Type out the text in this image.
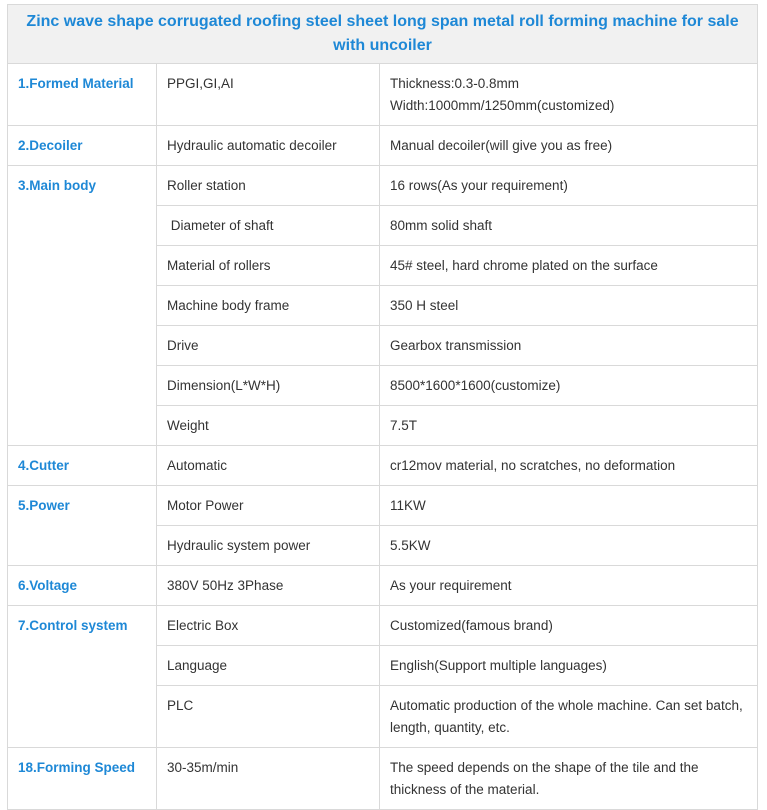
Zinc wave shape corrugated roofing steel sheet long span metal roll forming machine for sale with uncoiler		
1.Formed Material	PPGI,GI,AI	Thickness:0.3-0.8mm
Width:1000mm/1250mm(customized)
2.Decoiler	Hydraulic automatic decoiler	Manual decoiler(will give you as free)
3.Main body	Roller station	16 rows(As your requirement)
	Diameter of shaft	80mm solid shaft
	Material of rollers	45# steel, hard chrome plated on the surface
	Machine body frame	350 H steel
	Drive	Gearbox transmission
	Dimension(L*W*H)	8500*1600*1600(customize)
	Weight	7.5T
4.Cutter	Automatic	cr12mov material, no scratches, no deformation
5.Power	Motor Power	11KW
	Hydraulic system power	5.5KW
6.Voltage	380V 50Hz 3Phase	As your requirement
7.Control system	Electric Box	Customized(famous brand)
	Language	English(Support multiple languages)
	PLC	Automatic production of the whole machine. Can set batch, length, quantity, etc.
18.Forming Speed	30-35m/min	The speed depends on the shape of the tile and the thickness of the material.
